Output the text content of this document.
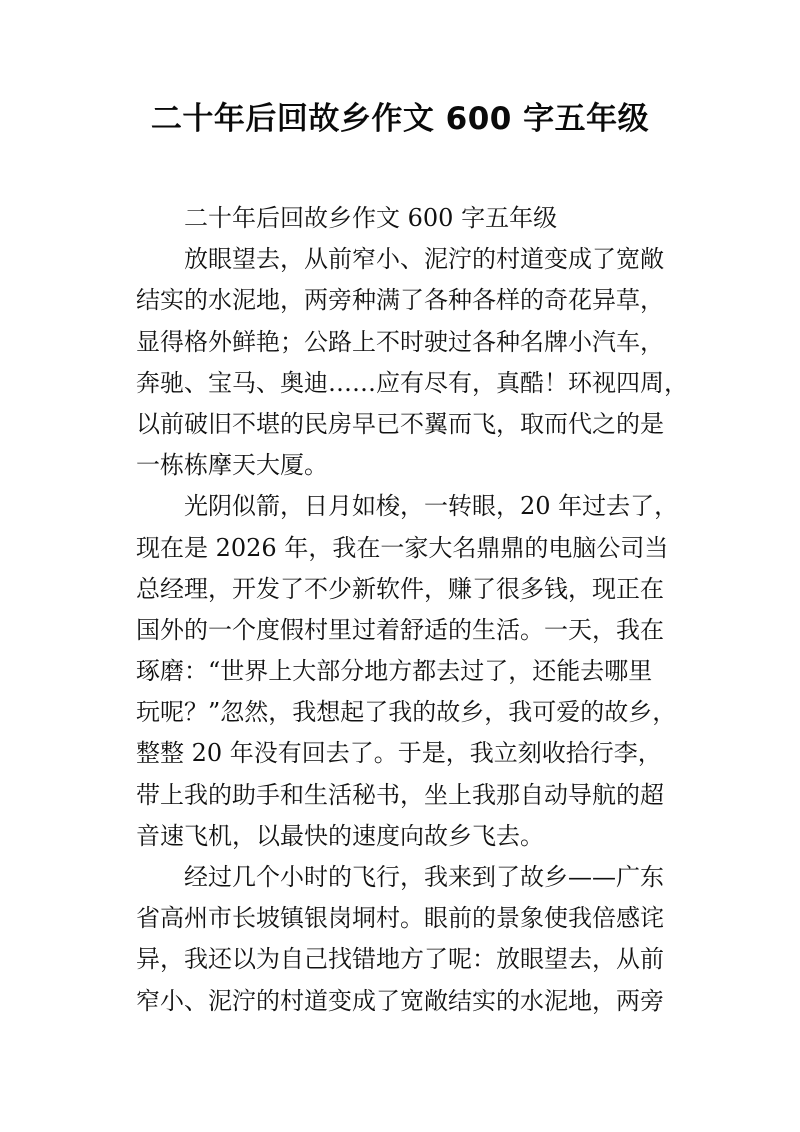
二十年后回故乡作文 600 字五年级
二十年后回故乡作文 600 字五年级
放眼望去，从前窄小、泥泞的村道变成了宽敞
结实的水泥地，两旁种满了各种各样的奇花异草，
显得格外鲜艳；公路上不时驶过各种名牌小汽车，
奔驰、宝马、奥迪……应有尽有，真酷！环视四周，
以前破旧不堪的民房早已不翼而飞，取而代之的是
一栋栋摩天大厦。
光阴似箭，日月如梭，一转眼，20 年过去了，
现在是 2026 年，我在一家大名鼎鼎的电脑公司当
总经理，开发了不少新软件，赚了很多钱，现正在
国外的一个度假村里过着舒适的生活。一天，我在
琢磨：“世界上大部分地方都去过了，还能去哪里
玩呢？”忽然，我想起了我的故乡，我可爱的故乡，
整整 20 年没有回去了。于是，我立刻收拾行李，
带上我的助手和生活秘书，坐上我那自动导航的超
音速飞机，以最快的速度向故乡飞去。
经过几个小时的飞行，我来到了故乡——广东
省高州市长坡镇银岗垌村。眼前的景象使我倍感诧
异，我还以为自己找错地方了呢：放眼望去，从前
窄小、泥泞的村道变成了宽敞结实的水泥地，两旁
